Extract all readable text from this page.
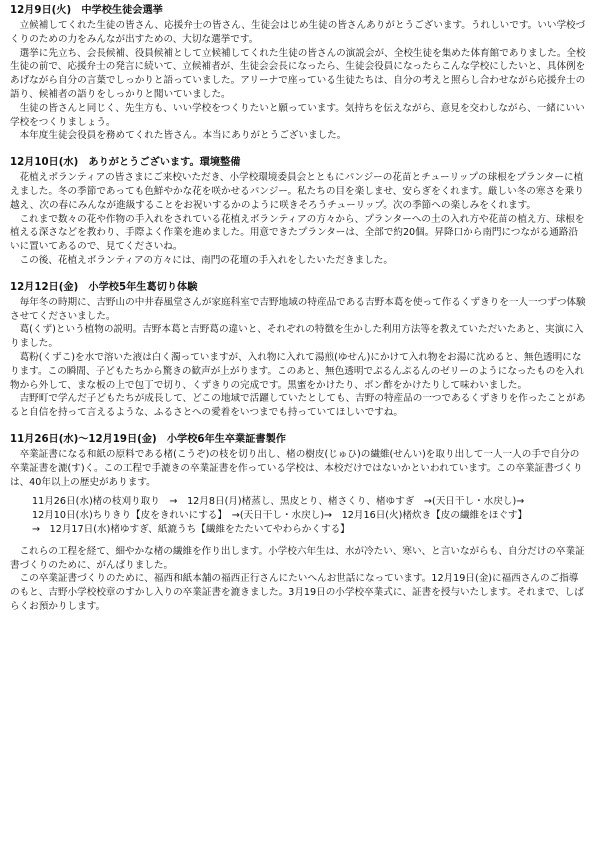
12月9日(火)　中学校生徒会選挙

立候補してくれた生徒の皆さん、応援弁士の皆さん、生徒会はじめ生徒の皆さんありがとうございます。うれしいです。いい学校づくりのための力をみんなが出すための、大切な選挙です。

選挙に先立ち、会長候補、役員候補として立候補してくれた生徒の皆さんの演説会が、全校生徒を集めた体育館でありました。全校生徒の前で、応援弁士の発言に続いて、立候補者が、生徒会会長になったら、生徒会役員になったらこんな学校にしたいと、具体例をあげながら自分の言葉でしっかりと語っていました。アリーナで座っている生徒たちは、自分の考えと照らし合わせながら応援弁士の語り、候補者の語りをしっかりと聞いていました。

生徒の皆さんと同じく、先生方も、いい学校をつくりたいと願っています。気持ちを伝えながら、意見を交わしながら、一緒にいい学校をつくりましょう。

本年度生徒会役員を務めてくれた皆さん。本当にありがとうございました。

12月10日(水)　ありがとうございます。環境整備

花植えボランティアの皆さまにご来校いただき、小学校環境委員会とともにパンジーの花苗とチューリップの球根をプランターに植えました。冬の季節であっても色鮮やかな花を咲かせるパンジー。私たちの目を楽しませ、安らぎをくれます。厳しい冬の寒さを乗り越え、次の春にみんなが進級することをお祝いするかのように咲きそろうチューリップ。次の季節への楽しみをくれます。

これまで数々の花や作物の手入れをされている花植えボランティアの方々から、プランターへの土の入れ方や花苗の植え方、球根を植える深さなどを教わり、手際よく作業を進めました。用意できたプランターは、全部で約20個。昇降口から南門につながる通路沿いに置いてあるので、見てくださいね。

この後、花植えボランティアの方々には、南門の花壇の手入れをしたいただきました。

12月12日(金)　小学校5年生葛切り体験

毎年冬の時期に、吉野山の中井春風堂さんが家庭科室で吉野地域の特産品である吉野本葛を使って作るくずきりを一人一つずつ体験させてくださいました。

葛(くず)という植物の説明。吉野本葛と吉野葛の違いと、それぞれの特徴を生かした利用方法等を教えていただいたあと、実演に入りました。

葛粉(くずこ)を水で溶いた液は白く濁っていますが、入れ物に入れて湯煎(ゆせん)にかけて入れ物をお湯に沈めると、無色透明になります。この瞬間、子どもたちから驚きの歓声が上がります。このあと、無色透明でぷるんぷるんのゼリーのようになったものを入れ物から外して、まな板の上で包丁で切り、くずきりの完成です。黒蜜をかけたり、ポン酢をかけたりして味わいました。

吉野町で学んだ子どもたちが成長して、どこの地域で活躍していたとしても、吉野の特産品の一つであるくずきりを作ったことがあると自信を持って言えるような、ふるさとへの愛着をいつまでも持っていてほしいですね。

11月26日(水)～12月19日(金)　小学校6年生卒業証書製作

卒業証書になる和紙の原料である楮(こうぞ)の枝を切り出し、楮の樹皮(じゅひ)の繊維(せんい)を取り出して一人一人の手で自分の卒業証書を漉(す)く。この工程で手漉きの卒業証書を作っている学校は、本校だけではないかといわれています。この卒業証書づくりは、40年以上の歴史があります。

11月26日(水)楮の枝刈り取り　→　12月8日(月)楮蒸し、黒皮とり、楮さくり、楮ゆすぎ　→(天日干し・水戻し)→

12月10日(水)ちりきり【皮をきれいにする】　→(天日干し・水戻し)→　12月16日(火)楮炊き【皮の繊維をほぐす】

→　12月17日(水)楮ゆすぎ、紙漉うち【繊維をたたいてやわらかくする】

これらの工程を経て、細やかな楮の繊維を作り出します。小学校六年生は、水が冷たい、寒い、と言いながらも、自分だけの卒業証書づくりのために、がんばりました。

この卒業証書づくりのために、福西和紙本舗の福西正行さんにたいへんお世話になっています。12月19日(金)に福西さんのご指導のもと、吉野小学校校章のすかし入りの卒業証書を漉きました。3月19日の小学校卒業式に、証書を授与いたします。それまで、しばらくお預かりします。
